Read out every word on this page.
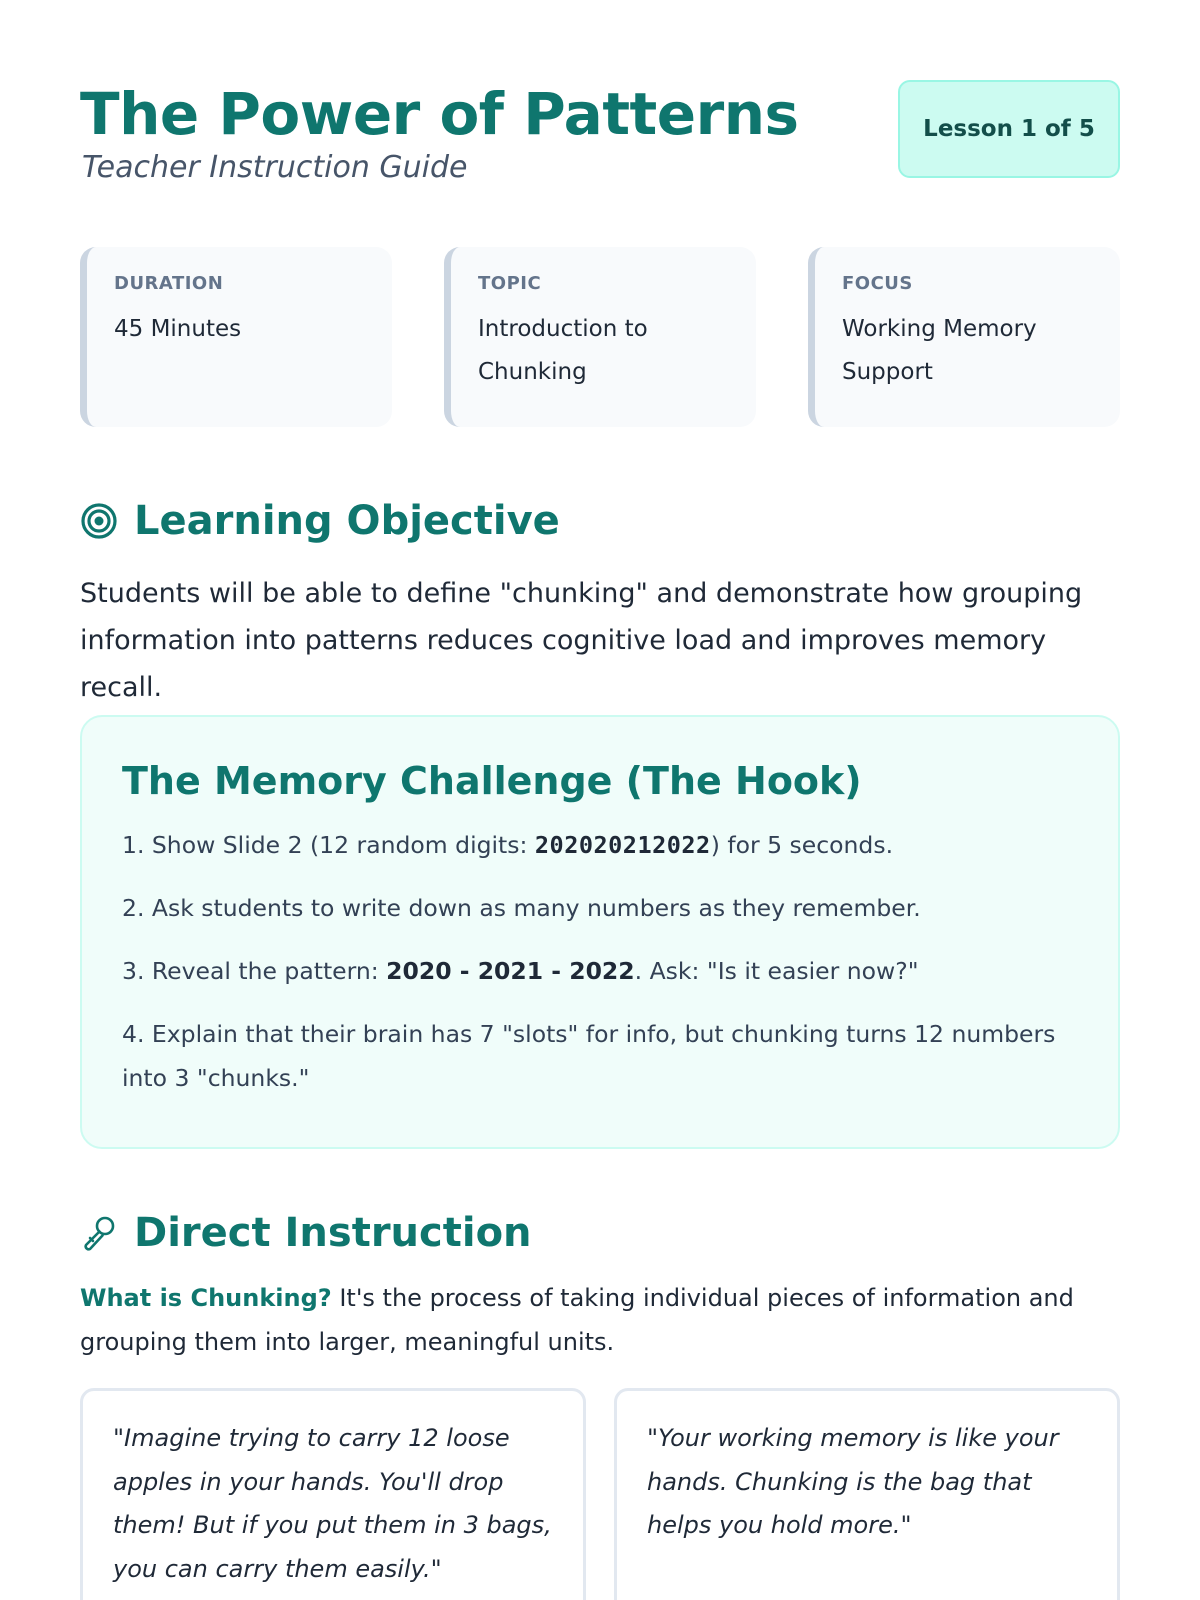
The Power of Patterns
Teacher Instruction Guide
Lesson 1 of 5
DURATION
45 Minutes
TOPIC
Introduction to Chunking
FOCUS
Working Memory Support
Learning Objective

Students will be able to define "chunking" and demonstrate how grouping information into patterns reduces cognitive load and improves memory recall.

The Memory Challenge (The Hook)
1. Show Slide 2 (12 random digits: 202020212022) for 5 seconds.
2. Ask students to write down as many numbers as they remember.
3. Reveal the pattern: 2020 - 2021 - 2022. Ask: "Is it easier now?"
4. Explain that their brain has 7 "slots" for info, but chunking turns 12 numbers into 3 "chunks."
Direct Instruction

What is Chunking? It's the process of taking individual pieces of information and grouping them into larger, meaningful units.

"Imagine trying to carry 12 loose apples in your hands. You'll drop them! But if you put them in 3 bags, you can carry them easily."

"Your working memory is like your hands. Chunking is the bag that helps you hold more."
